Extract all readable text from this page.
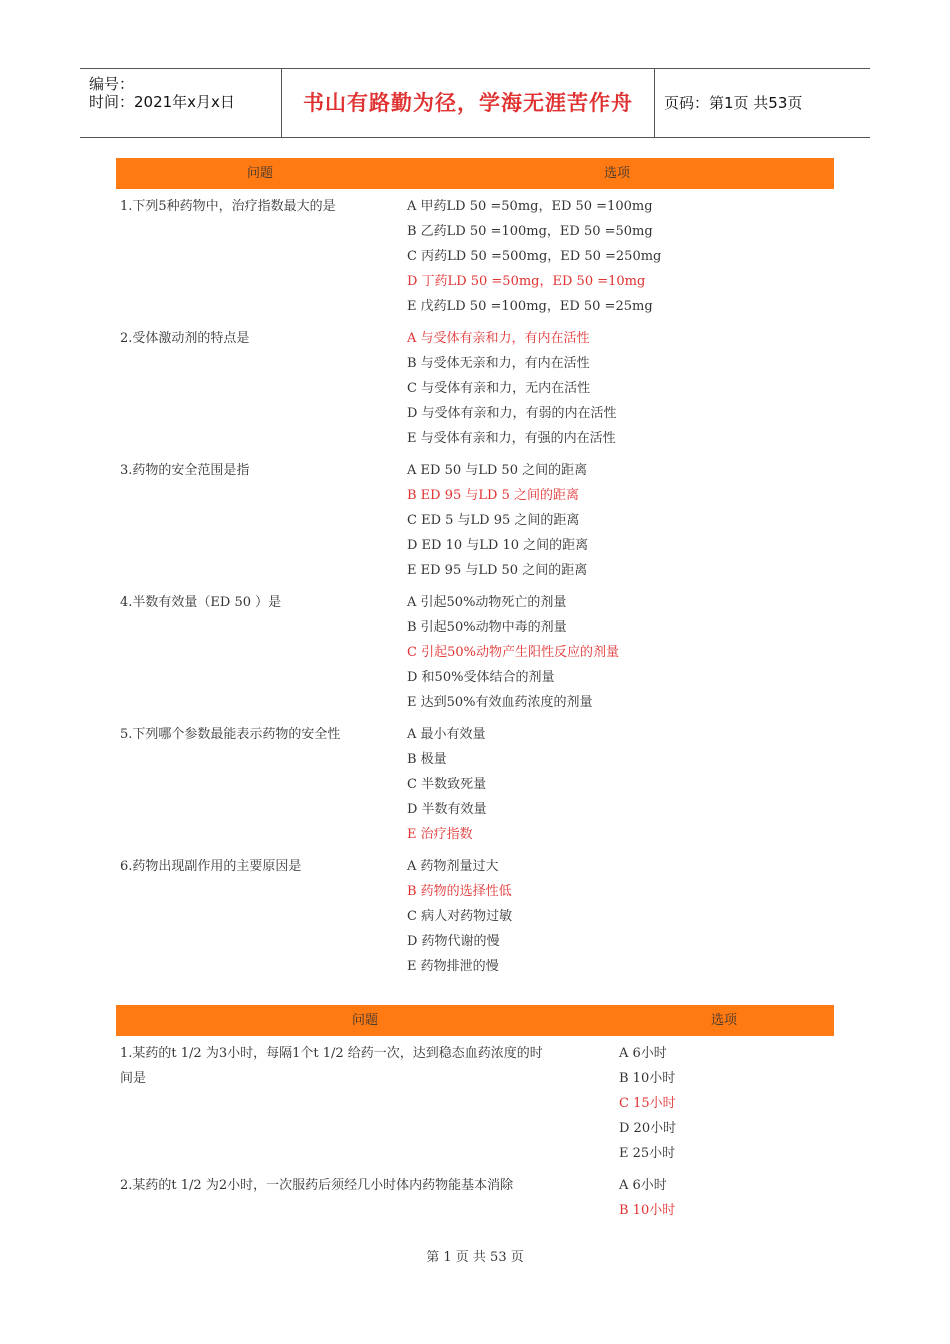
编号：
时间：2021年x月x日	书山有路勤为径，学海无涯苦作舟	页码：第1页 共53页
问题	选项
1.下列5种药物中，治疗指数最大的是	A 甲药LD 50 =50mg，ED 50 =100mg
B 乙药LD 50 =100mg，ED 50 =50mg
C 丙药LD 50 =500mg，ED 50 =250mg
D 丁药LD 50 =50mg，ED 50 =10mg
E 戊药LD 50 =100mg，ED 50 =25mg
2.受体激动剂的特点是	A 与受体有亲和力，有内在活性
B 与受体无亲和力，有内在活性
C 与受体有亲和力，无内在活性
D 与受体有亲和力，有弱的内在活性
E 与受体有亲和力，有强的内在活性
3.药物的安全范围是指	A ED 50 与LD 50 之间的距离
B ED 95 与LD 5 之间的距离
C ED 5 与LD 95 之间的距离
D ED 10 与LD 10 之间的距离
E ED 95 与LD 50 之间的距离
4.半数有效量（ED 50 ）是	A 引起50%动物死亡的剂量
B 引起50%动物中毒的剂量
C 引起50%动物产生阳性反应的剂量
D 和50%受体结合的剂量
E 达到50%有效血药浓度的剂量
5.下列哪个参数最能表示药物的安全性	A 最小有效量
B 极量
C 半数致死量
D 半数有效量
E 治疗指数
6.药物出现副作用的主要原因是	A 药物剂量过大
B 药物的选择性低
C 病人对药物过敏
D 药物代谢的慢
E 药物排泄的慢
问题	选项
1.某药的t 1/2 为3小时，每隔1个t 1/2 给药一次，达到稳态血药浓度的时
间是
A 6小时
B 10小时
C 15小时
D 20小时
E 25小时
2.某药的t 1/2 为2小时，一次服药后须经几小时体内药物能基本消除	A 6小时
B 10小时
第 1 页 共 53 页
